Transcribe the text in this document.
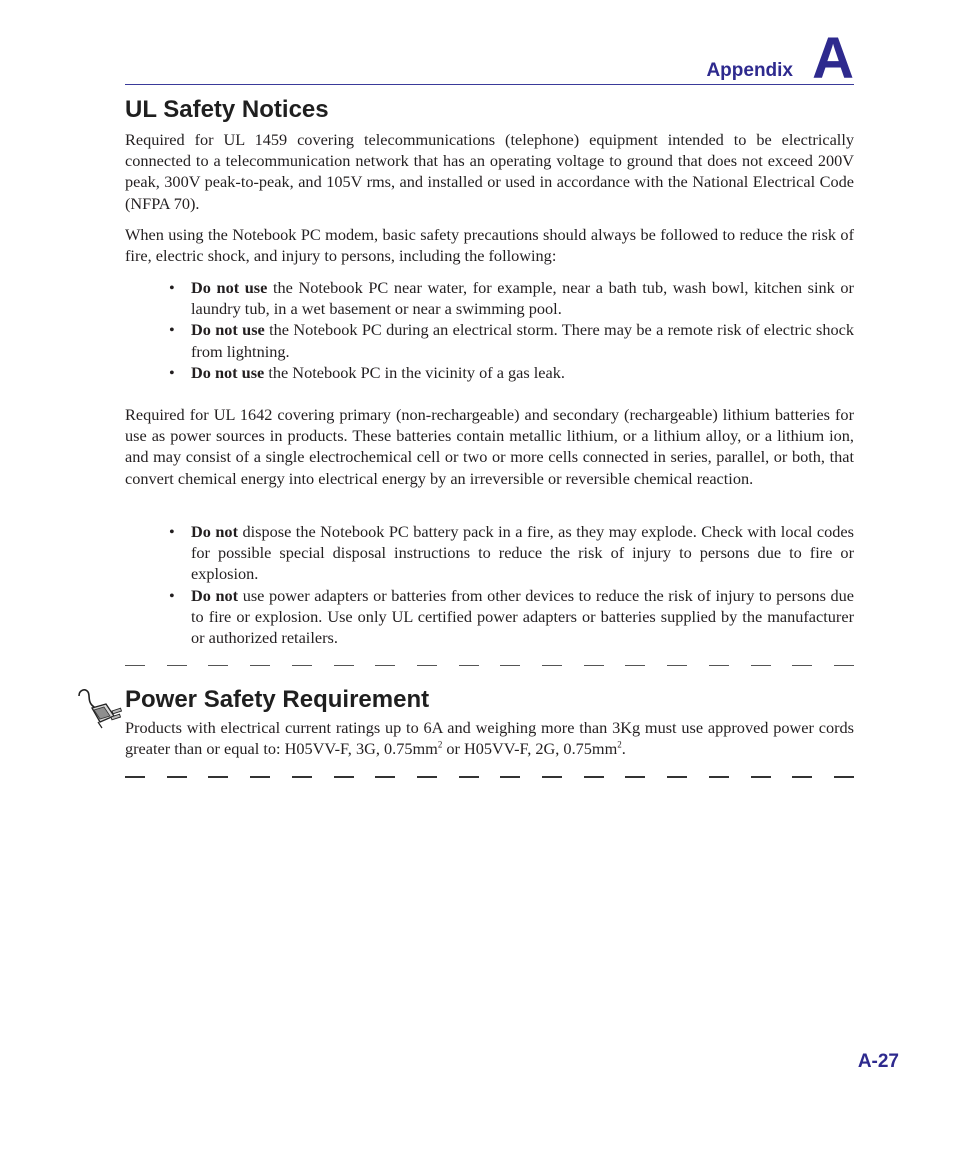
Appendix A
UL Safety Notices

Required for UL 1459 covering telecommunications (telephone) equipment intended to be electrically connected to a telecommunication network that has an operating voltage to ground that does not exceed 200V peak, 300V peak-to-peak, and 105V rms, and installed or used in accordance with the National Electrical Code (NFPA 70).

When using the Notebook PC modem, basic safety precautions should always be followed to reduce the risk of fire, electric shock, and injury to persons, including the following:

• Do not use the Notebook PC near water, for example, near a bath tub, wash bowl, kitchen sink or laundry tub, in a wet basement or near a swimming pool.
• Do not use the Notebook PC during an electrical storm. There may be a remote risk of electric shock from lightning.
• Do not use the Notebook PC in the vicinity of a gas leak.

Required for UL 1642 covering primary (non-rechargeable) and secondary (rechargeable) lithium batteries for use as power sources in products. These batteries contain metallic lithium, or a lithium alloy, or a lithium ion, and may consist of a single electrochemical cell or two or more cells connected in series, parallel, or both, that convert chemical energy into electrical energy by an irreversible or reversible chemical reaction.

• Do not dispose the Notebook PC battery pack in a fire, as they may explode. Check with local codes for possible special disposal instructions to reduce the risk of injury to persons due to fire or explosion.
• Do not use power adapters or batteries from other devices to reduce the risk of injury to persons due to fire or explosion. Use only UL certified power adapters or batteries supplied by the manufacturer or authorized retailers.
Power Safety Requirement

Products with electrical current ratings up to 6A and weighing more than 3Kg must use approved power cords greater than or equal to: H05VV-F, 3G, $0.75mm^2$ or H05VV-F, 2G, $0.75mm^2$.

A-27
